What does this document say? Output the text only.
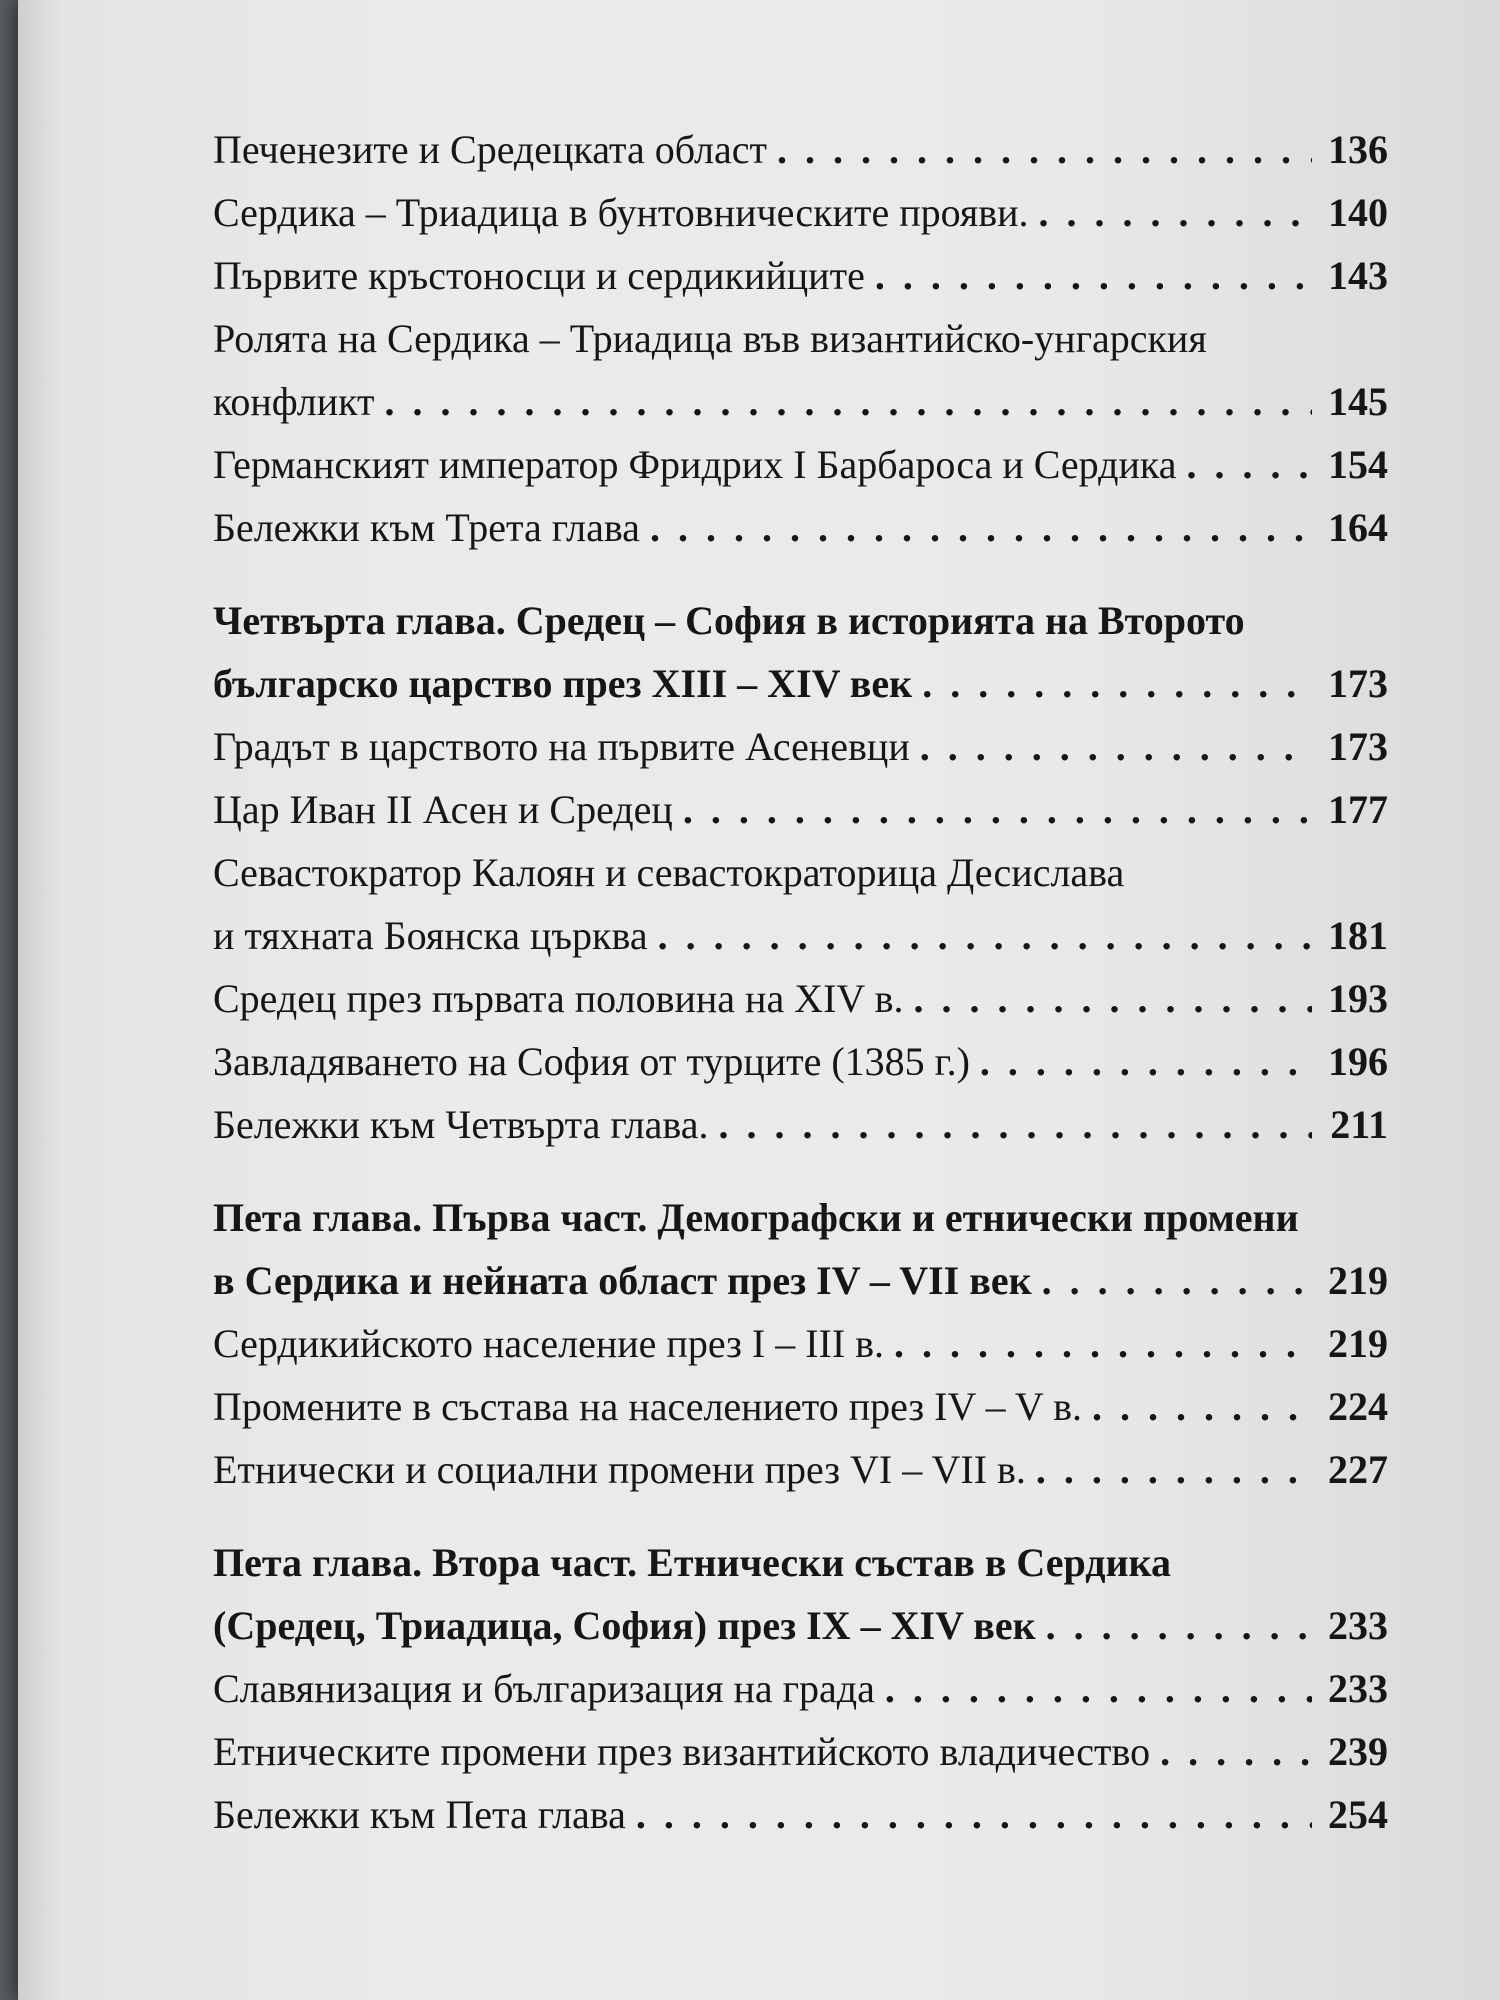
Печенезите и Средецката област . . .	136
Сердика – Триадица в бунтовническите прояви. . . .	140
Първите кръстоносци и сердикийците . . .	143
Ролята на Сердика – Триадица във византийско-унгарския
конфликт . . .	145
Германският император Фридрих I Барбароса и Сердика . . .	154
Бележки към Трета глава . . .	164
Четвърта глава. Средец – София в историята на Второто
българско царство през XIII – XIV век . . .	173
Градът в царството на първите Асеневци . . .	173
Цар Иван II Асен и Средец . . .	177
Севастократор Калоян и севастократорица Десислава
и тяхната Боянска църква . . .	181
Средец през първата половина на XIV в. . . .	193
Завладяването на София от турците (1385 г.) . . .	196
Бележки към Четвърта глава. . . .	211
Пета глава. Първа част. Демографски и етнически промени
в Сердика и нейната област през IV – VII век . . .	219
Сердикийското население през I – III в. . . .	219
Промените в състава на населението през IV – V в. . . .	224
Етнически и социални промени през VI – VII в. . . .	227
Пета глава. Втора част. Етнически състав в Сердика
(Средец, Триадица, София) през IX – XIV век . . .	233
Славянизация и българизация на града . . .	233
Етническите промени през византийското владичество . . .	239
Бележки към Пета глава . . .	254
